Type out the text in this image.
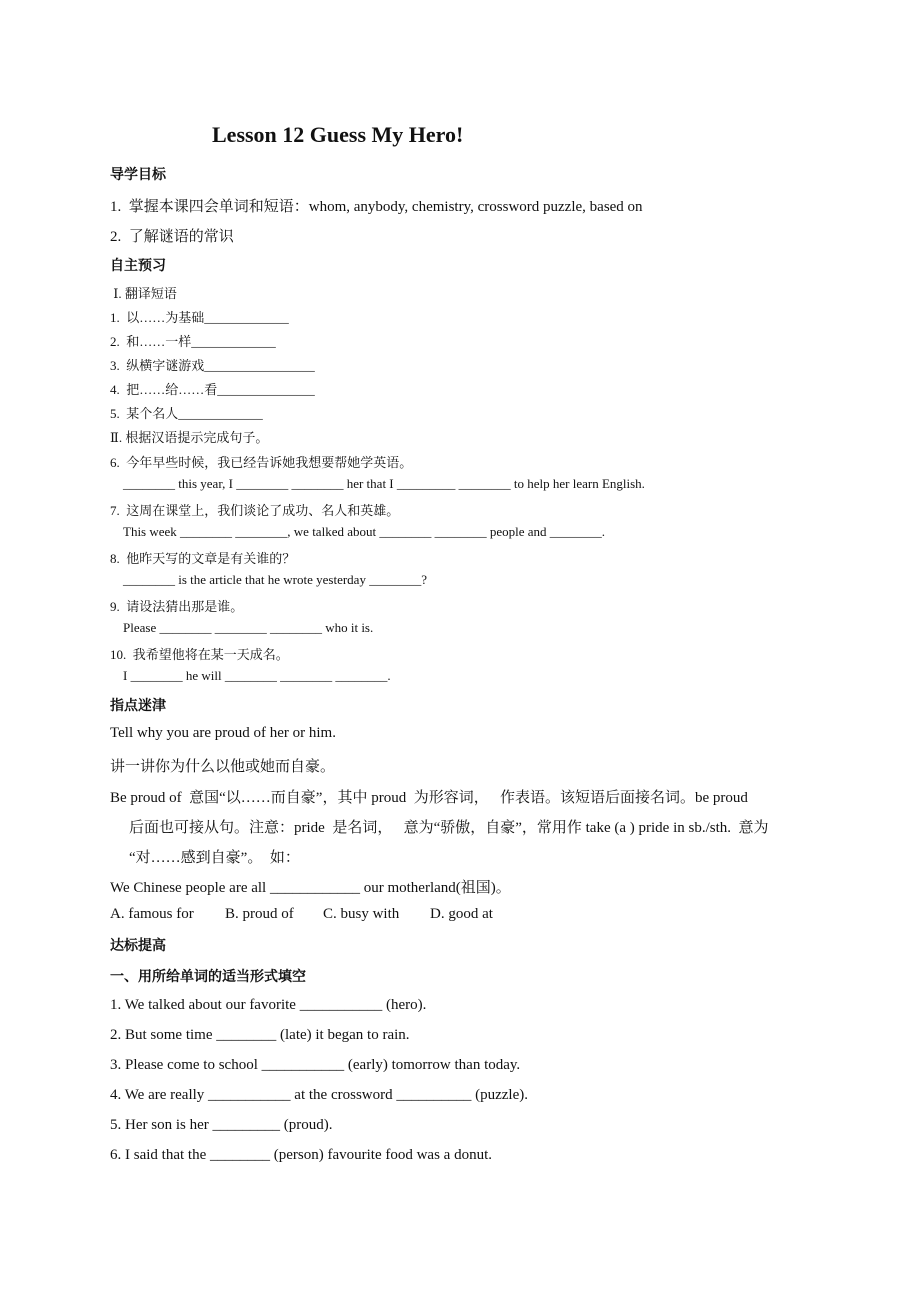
Lesson 12 Guess My Hero!
导学目标
1.  掌握本课四会单词和短语：whom, anybody, chemistry, crossword puzzle, based on
2.  了解谜语的常识
自主预习
Ⅰ. 翻译短语
1.  以……为基础_____________
2.  和……一样_____________
3.  纵横字谜游戏_________________
4.  把……给……看_______________
5.  某个名人_____________
Ⅱ. 根据汉语提示完成句子。
6.  今年早些时候，我已经告诉她我想要帮她学英语。
________ this year, I ________ ________ her that I _________ ________ to help her learn English.
7.  这周在课堂上，我们谈论了成功、名人和英雄。
This week ________ ________, we talked about ________ ________ people and ________.
8.  他昨天写的文章是有关谁的？
________ is the article that he wrote yesterday ________?
9.  请设法猜出那是谁。
Please ________ ________ ________ who it is.
10.  我希望他将在某一天成名。
I ________ he will ________ ________ ________.
指点迷津
Tell why you are proud of her or him.
讲一讲你为什么以他或她而自豪。
Be proud of  意国“以……而自豪”，其中 proud  为形容词，   作表语。该短语后面接名词。be proud
后面也可接从句。注意：pride  是名词，   意为“骄傲，自豪”，常用作 take (a ) pride in sb./sth.  意为
“对……感到自豪”。  如：
We Chinese people are all ____________ our motherland(祖国)。
A. famous for B. proud of C. busy with D. good at
达标提高
一、用所给单词的适当形式填空
1. We talked about our favorite ___________ (hero).
2. But some time ________ (late) it began to rain.
3. Please come to school ___________ (early) tomorrow than today.
4. We are really ___________ at the crossword __________ (puzzle).
5. Her son is her _________ (proud).
6. I said that the ________ (person) favourite food was a donut.
